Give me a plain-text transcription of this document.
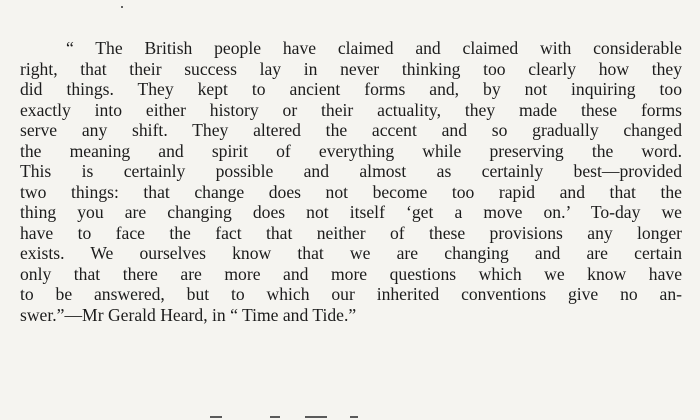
“ The British people have claimed and claimed with considerable
right, that their success lay in never thinking too clearly how they
did things. They kept to ancient forms and, by not inquiring too
exactly into either history or their actuality, they made these forms
serve any shift. They altered the accent and so gradually changed
the meaning and spirit of everything while preserving the word.
This is certainly possible and almost as certainly best—provided
two things: that change does not become too rapid and that the
thing you are changing does not itself ‘get a move on.’ To-day we
have to face the fact that neither of these provisions any longer
exists. We ourselves know that we are changing and are certain
only that there are more and more questions which we know have
to be answered, but to which our inherited conventions give no an-
swer.”—Mr Gerald Heard, in “ Time and Tide.”
